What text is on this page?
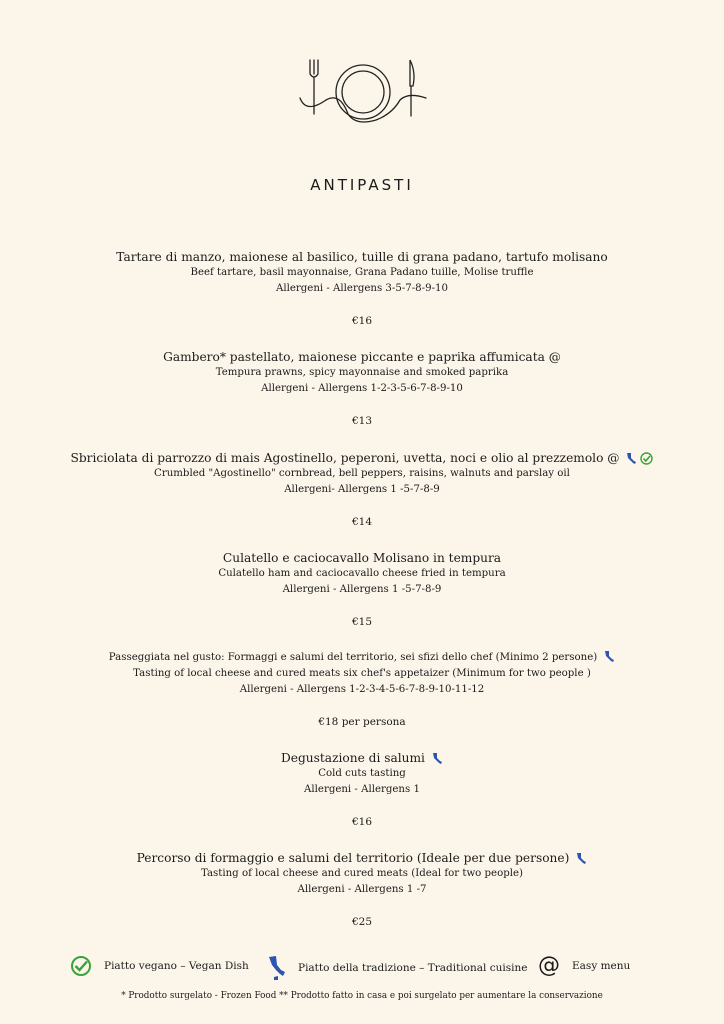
ANTIPASTI
Tartare di manzo, maionese al basilico, tuille di grana padano, tartufo molisano
Beef tartare, basil mayonnaise, Grana Padano tuille, Molise truffle
Allergeni - Allergens 3-5-7-8-9-10
€16
Gambero* pastellato, maionese piccante e paprika affumicata @
Tempura prawns, spicy mayonnaise and smoked paprika
Allergeni - Allergens 1-2-3-5-6-7-8-9-10
€13
Sbriciolata di parrozzo di mais Agostinello, peperoni, uvetta, noci e olio al prezzemolo @
Crumbled "Agostinello" cornbread, bell peppers, raisins, walnuts and parslay oil
Allergeni- Allergens 1 -5-7-8-9
€14
Culatello e caciocavallo Molisano in tempura
Culatello ham and caciocavallo cheese fried in tempura
Allergeni - Allergens 1 -5-7-8-9
€15
Passeggiata nel gusto: Formaggi e salumi del territorio, sei sfizi dello chef (Minimo 2 persone)
Tasting of local cheese and cured meats six chef's appetaizer (Minimum for two people )
Allergeni - Allergens 1-2-3-4-5-6-7-8-9-10-11-12
€18 per persona
Degustazione di salumi
Cold cuts tasting
Allergeni - Allergens 1
€16
Percorso di formaggio e salumi del territorio (Ideale per due persone)
Tasting of local cheese and cured meats (Ideal for two people)
Allergeni - Allergens 1 -7
€25
Piatto vegano – Vegan Dish	Piatto della tradizione – Traditional cuisine @ Easy menu
* Prodotto surgelato - Frozen Food ** Prodotto fatto in casa e poi surgelato per aumentare la conservazione
